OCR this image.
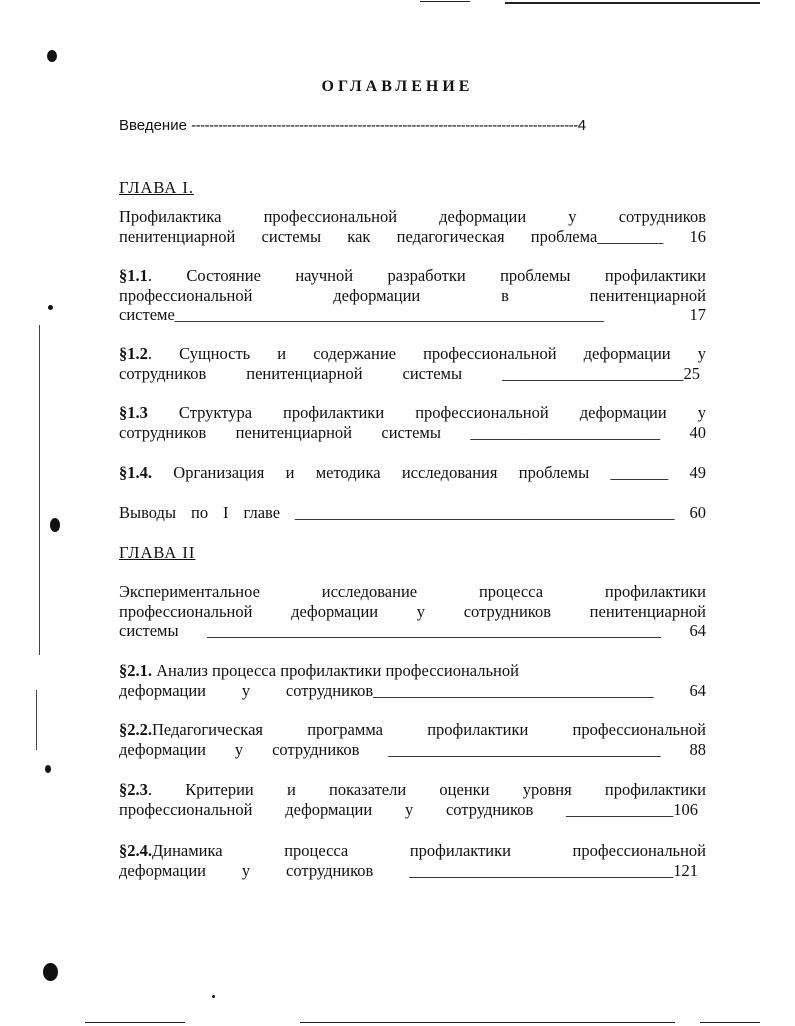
ОГЛАВЛЕНИЕ
Введение --------------------------------------------------------------------------------------4
ГЛАВА I.
Профилактика профессиональной деформации у сотрудников
пенитенциарной системы как педагогическая проблема________ 16
§1.1. Состояние научной разработки проблемы профилактики
профессиональной деформации в пенитенциарной
системе____________________________________________________ 17
§1.2. Сущность и содержание профессиональной деформации у
сотрудников пенитенциарной системы ______________________25
§1.3 Структура профилактики профессиональной деформации у
сотрудников пенитенциарной системы _______________________ 40
§1.4. Организация и методика исследования проблемы _______ 49
Выводы по I главе ______________________________________________ 60
ГЛАВА II
Экспериментальное исследование процесса профилактики
профессиональной деформации у сотрудников пенитенциарной
системы _______________________________________________________ 64
§2.1. Анализ процесса профилактики профессиональной
деформации у сотрудников__________________________________ 64
§2.2.Педагогическая программа профилактики профессиональной
деформации у сотрудников _________________________________ 88
§2.3. Критерии и показатели оценки уровня профилактики
профессиональной деформации у сотрудников _____________106
§2.4.Динамика процесса профилактики профессиональной
деформации у сотрудников ________________________________121
